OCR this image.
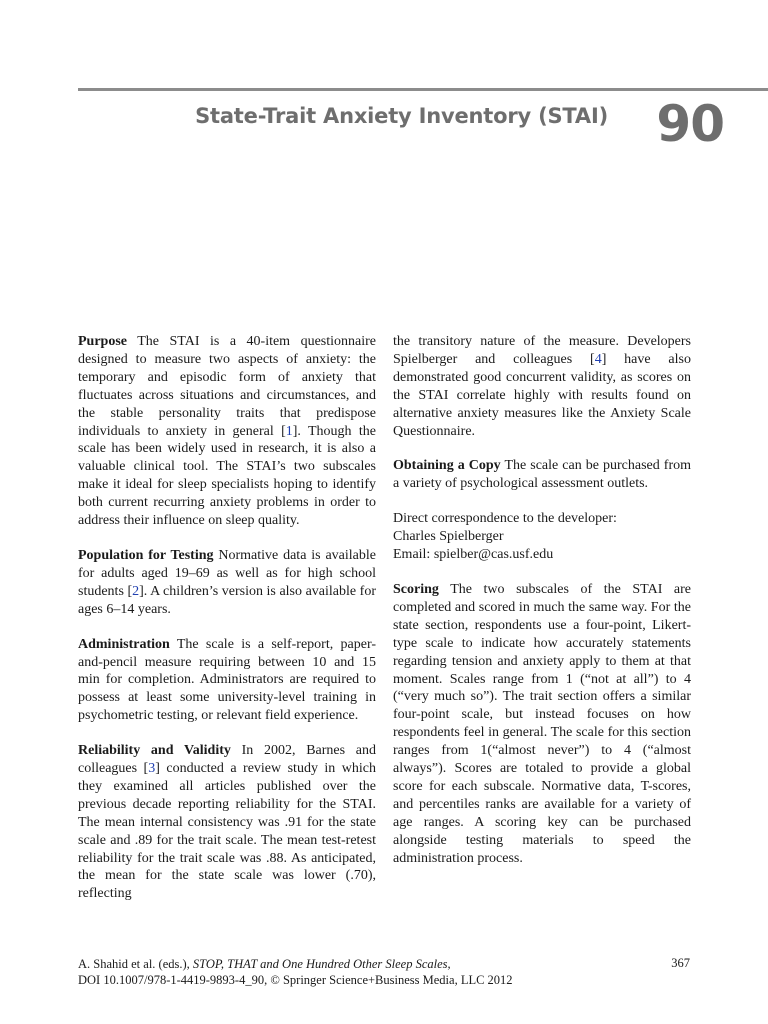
State-Trait Anxiety Inventory (STAI) 90

Purpose The STAI is a 40-item questionnaire designed to measure two aspects of anxiety: the temporary and episodic form of anxiety that fluctuates across situations and circumstances, and the stable personality traits that predispose individuals to anxiety in general [1]. Though the scale has been widely used in research, it is also a valuable clinical tool. The STAI’s two subscales make it ideal for sleep specialists hoping to identify both current recurring anxiety problems in order to address their influence on sleep quality.

Population for Testing Normative data is available for adults aged 19–69 as well as for high school students [2]. A children’s version is also available for ages 6–14 years.

Administration The scale is a self-report, paper-and-pencil measure requiring between 10 and 15 min for completion. Administrators are required to possess at least some university-level training in psychometric testing, or relevant field experience.

Reliability and Validity In 2002, Barnes and colleagues [3] conducted a review study in which they examined all articles published over the previous decade reporting reliability for the STAI. The mean internal consistency was .91 for the state scale and .89 for the trait scale. The mean test-retest reliability for the trait scale was .88. As anticipated, the mean for the state scale was lower (.70), reflecting

the transitory nature of the measure. Developers Spielberger and colleagues [4] have also demonstrated good concurrent validity, as scores on the STAI correlate highly with results found on alternative anxiety measures like the Anxiety Scale Questionnaire.

Obtaining a Copy The scale can be purchased from a variety of psychological assessment outlets.

Direct correspondence to the developer:

Charles Spielberger

Email: spielber@cas.usf.edu

Scoring The two subscales of the STAI are completed and scored in much the same way. For the state section, respondents use a four-point, Likert-type scale to indicate how accurately statements regarding tension and anxiety apply to them at that moment. Scales range from 1 (“not at all”) to 4 (“very much so”). The trait section offers a similar four-point scale, but instead focuses on how respondents feel in general. The scale for this section ranges from 1(“almost never”) to 4 (“almost always”). Scores are totaled to provide a global score for each subscale. Normative data, T-scores, and percentiles ranks are available for a variety of age ranges. A scoring key can be purchased alongside testing materials to speed the administration process.

A. Shahid et al. (eds.), STOP, THAT and One Hundred Other Sleep Scales,
DOI 10.1007/978-1-4419-9893-4_90, © Springer Science+Business Media, LLC 2012
367
